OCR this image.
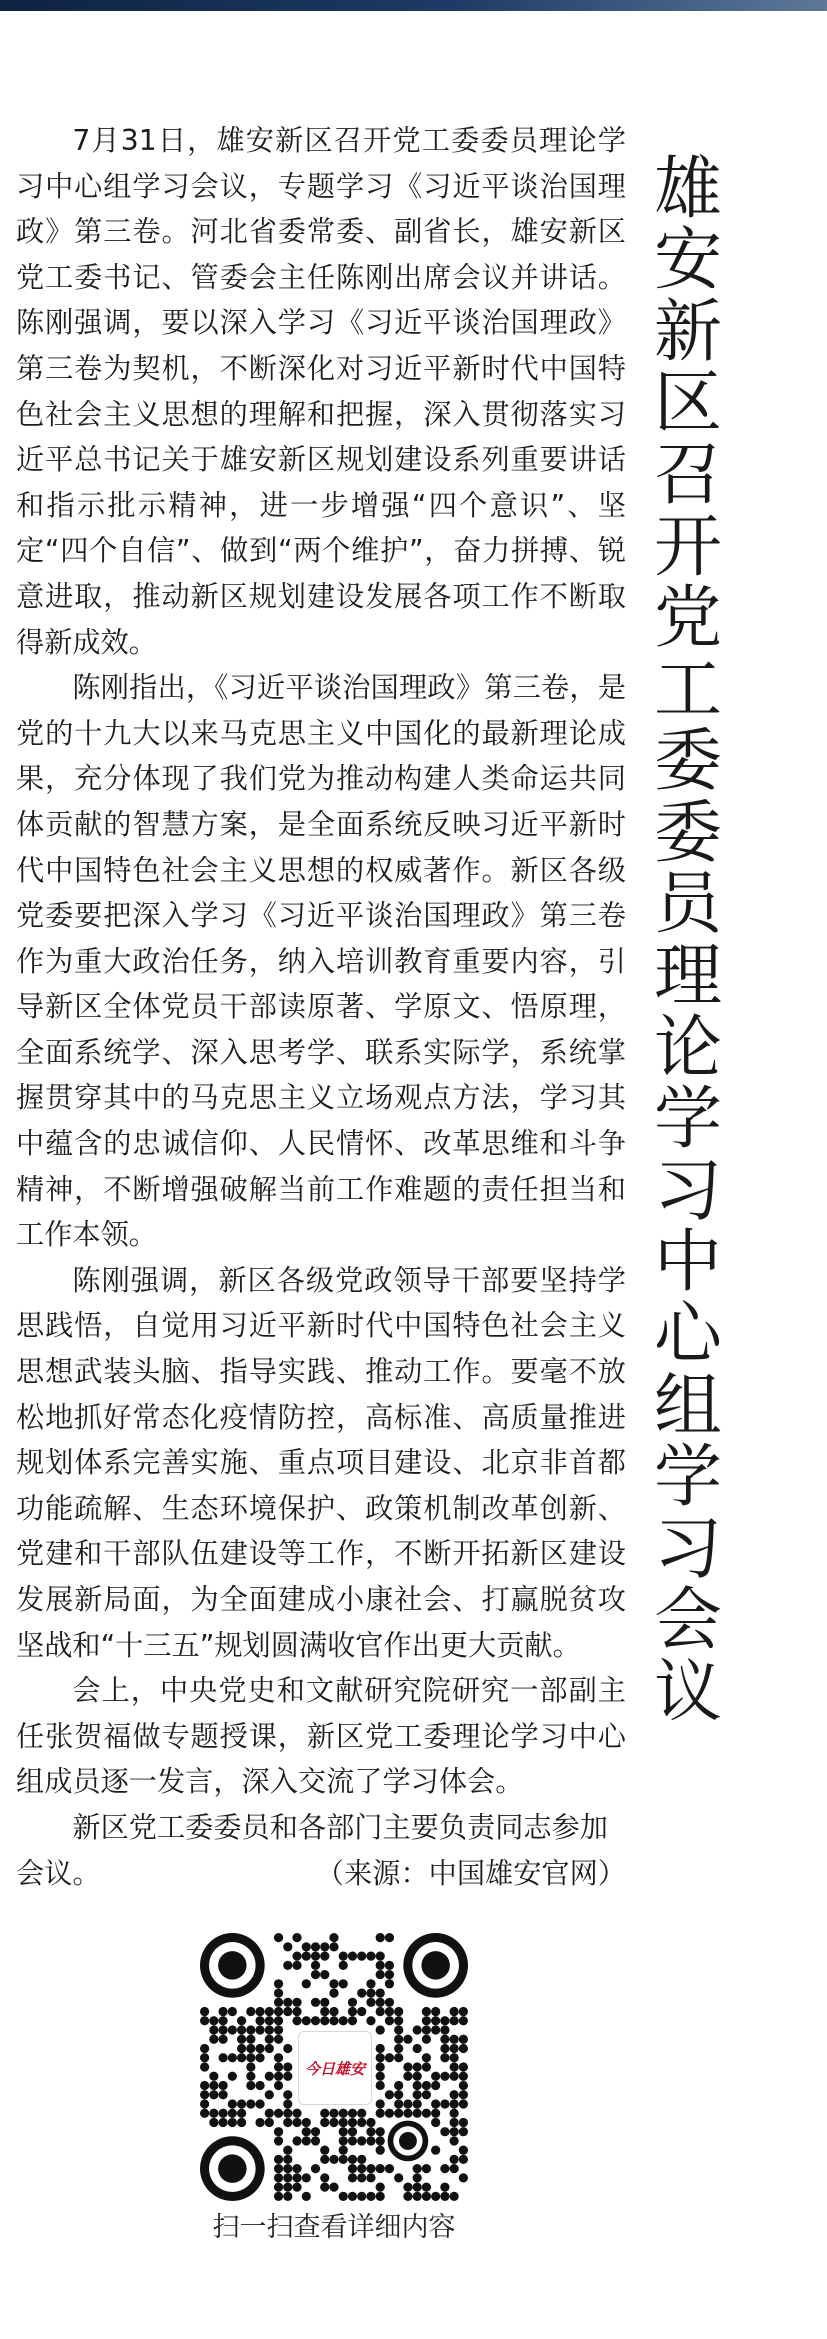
7月31日，雄安新区召开党工委委员理论学习中心组学习会议，专题学习《习近平谈治国理政》第三卷。河北省委常委、副省长，雄安新区党工委书记、管委会主任陈刚出席会议并讲话。陈刚强调，要以深入学习《习近平谈治国理政》第三卷为契机，不断深化对习近平新时代中国特色社会主义思想的理解和把握，深入贯彻落实习近平总书记关于雄安新区规划建设系列重要讲话和指示批示精神，进一步增强“四个意识”、坚定“四个自信”、做到“两个维护”，奋力拼搏、锐意进取，推动新区规划建设发展各项工作不断取得新成效。

陈刚指出，《习近平谈治国理政》第三卷，是党的十九大以来马克思主义中国化的最新理论成果，充分体现了我们党为推动构建人类命运共同体贡献的智慧方案，是全面系统反映习近平新时代中国特色社会主义思想的权威著作。新区各级党委要把深入学习《习近平谈治国理政》第三卷作为重大政治任务，纳入培训教育重要内容，引导新区全体党员干部读原著、学原文、悟原理，全面系统学、深入思考学、联系实际学，系统掌握贯穿其中的马克思主义立场观点方法，学习其中蕴含的忠诚信仰、人民情怀、改革思维和斗争精神，不断增强破解当前工作难题的责任担当和工作本领。

陈刚强调，新区各级党政领导干部要坚持学思践悟，自觉用习近平新时代中国特色社会主义思想武装头脑、指导实践、推动工作。要毫不放松地抓好常态化疫情防控，高标准、高质量推进规划体系完善实施、重点项目建设、北京非首都功能疏解、生态环境保护、政策机制改革创新、党建和干部队伍建设等工作，不断开拓新区建设发展新局面，为全面建成小康社会、打赢脱贫攻坚战和“十三五”规划圆满收官作出更大贡献。

会上，中央党史和文献研究院研究一部副主任张贺福做专题授课，新区党工委理论学习中心组成员逐一发言，深入交流了学习体会。

新区党工委委员和各部门主要负责同志参加
会议。	（来源：中国雄安官网）
雄安新区召开党工委委员理论学习中心组学习会议
今日雄安
扫一扫查看详细内容
